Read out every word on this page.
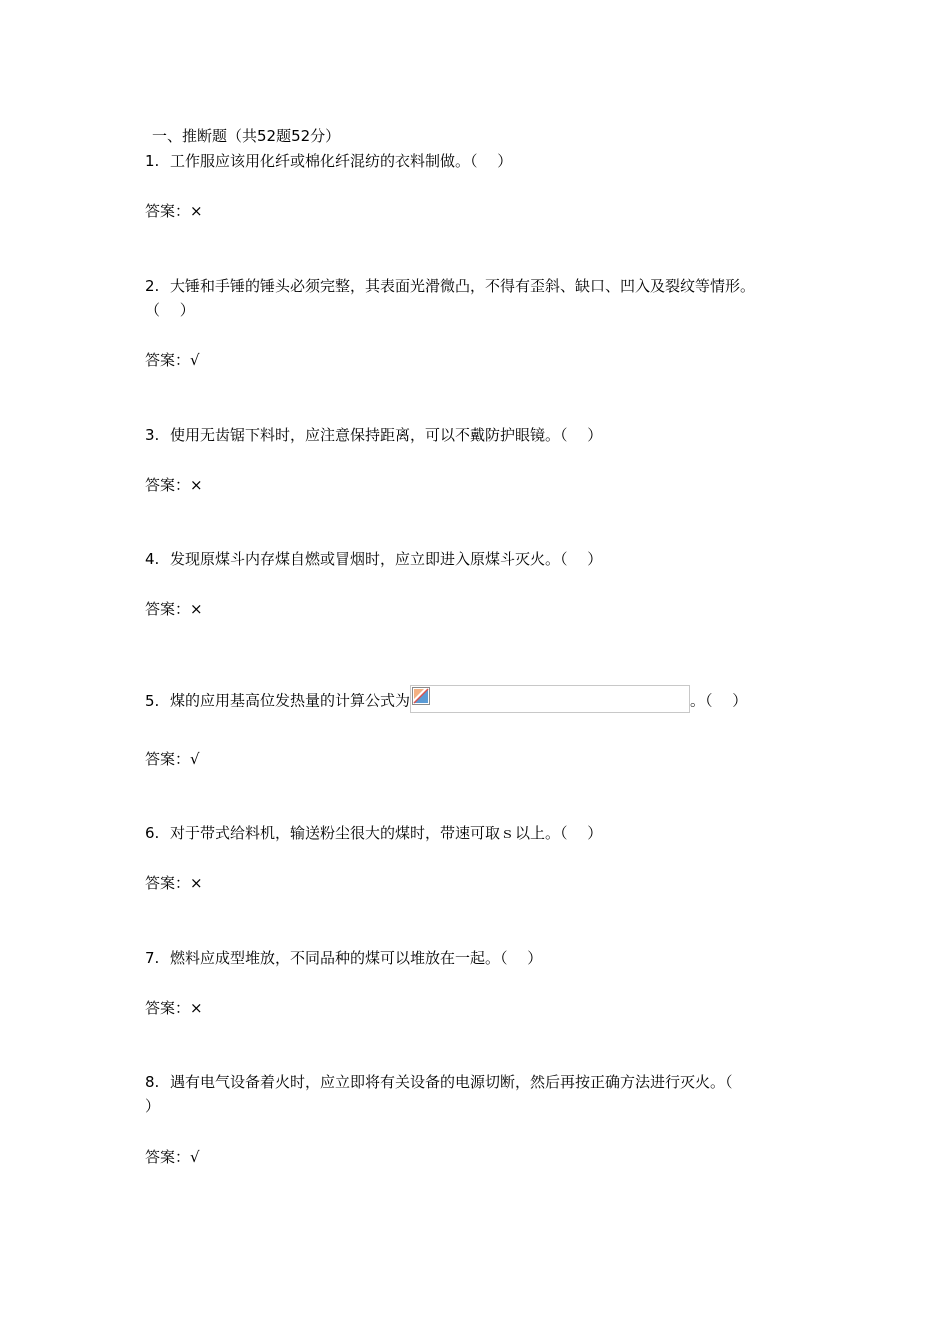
一、推断题（共52题52分）
1. 工作服应该用化纤或棉化纤混纺的衣料制做。（　 ）
答案：×
2. 大锤和手锤的锤头必须完整，其表面光滑微凸，不得有歪斜、缺口、凹入及裂纹等情形。
（　 ）
答案：√
3. 使用无齿锯下料时，应注意保持距离，可以不戴防护眼镜。（　 ）
答案：×
4. 发现原煤斗内存煤自燃或冒烟时，应立即进入原煤斗灭火。（　 ）
答案：×
5. 煤的应用基高位发热量的计算公式为	。（　 ）
答案：√
6. 对于带式给料机，输送粉尘很大的煤时，带速可取ｓ以上。（　 ）
答案：×
7. 燃料应成型堆放，不同品种的煤可以堆放在一起。（　 ）
答案：×
8. 遇有电气设备着火时，应立即将有关设备的电源切断，然后再按正确方法进行灭火。（
）
答案：√
